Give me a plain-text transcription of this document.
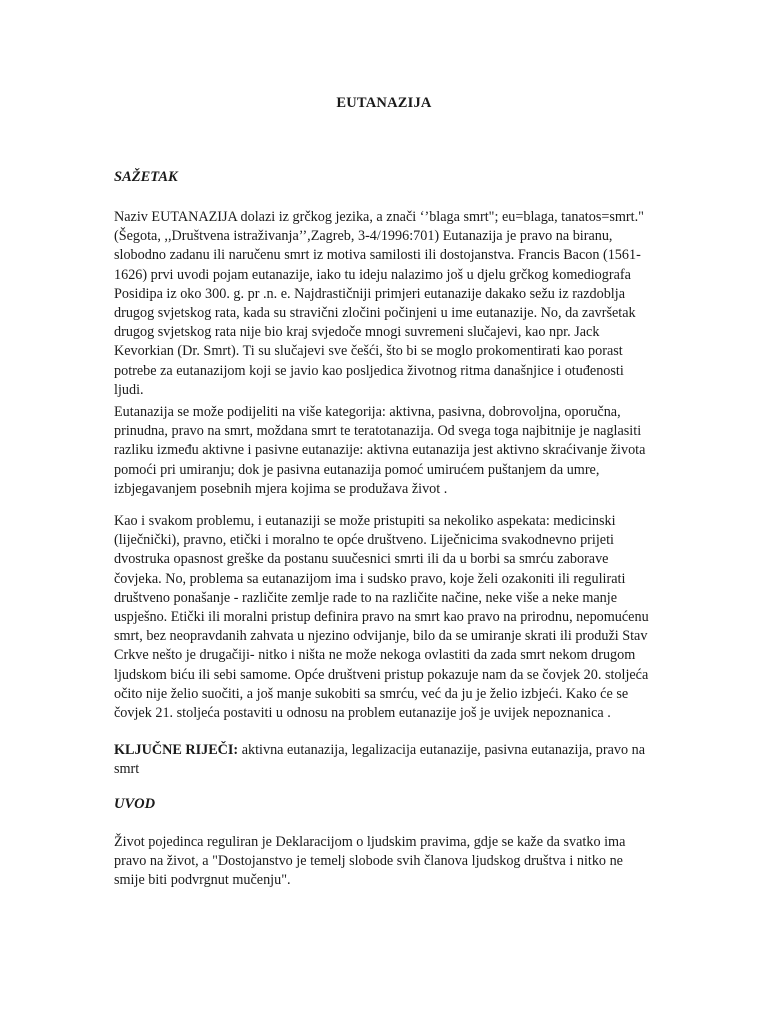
EUTANAZIJA
SAŽETAK

Naziv EUTANAZIJA dolazi iz grčkog jezika, a znači ‘’blaga smrt"; eu=blaga, tanatos=smrt." (Šegota, ,,Društvena istraživanja’’,Zagreb, 3-4/1996:701) Eutanazija je pravo na biranu, slobodno zadanu ili naručenu smrt iz motiva samilosti ili dostojanstva. Francis Bacon (1561-1626) prvi uvodi pojam eutanazije, iako tu ideju nalazimo još u djelu grčkog komediografa Posidipa iz oko 300. g. pr .n. e. Najdrastičniji primjeri eutanazije dakako sežu iz razdoblja drugog svjetskog rata, kada su stravični zločini počinjeni u ime eutanazije. No, da završetak drugog svjetskog rata nije bio kraj svjedoče mnogi suvremeni slučajevi, kao npr. Jack Kevorkian (Dr. Smrt). Ti su slučajevi sve češći, što bi se moglo prokomentirati kao porast potrebe za eutanazijom koji se javio kao posljedica životnog ritma današnjice i otuđenosti ljudi.

Eutanazija se može podijeliti na više kategorija: aktivna, pasivna, dobrovoljna, oporučna, prinudna, pravo na smrt, moždana smrt te teratotanazija. Od svega toga najbitnije je naglasiti razliku između aktivne i pasivne eutanazije: aktivna eutanazija jest aktivno skraćivanje života pomoći pri umiranju; dok je pasivna eutanazija pomoć umirućem puštanjem da umre, izbjegavanjem posebnih mjera kojima se produžava život .

Kao i svakom problemu, i eutanaziji se može pristupiti sa nekoliko aspekata: medicinski (liječnički), pravno, etički i moralno te opće društveno. Liječnicima svakodnevno prijeti dvostruka opasnost greške da postanu suučesnici smrti ili da u borbi sa smrću zaborave čovjeka. No, problema sa eutanazijom ima i sudsko pravo, koje želi ozakoniti ili regulirati društveno ponašanje - različite zemlje rade to na različite načine, neke više a neke manje uspješno. Etički ili moralni pristup definira pravo na smrt kao pravo na prirodnu, nepomućenu smrt, bez neopravdanih zahvata u njezino odvijanje, bilo da se umiranje skrati ili produži Stav Crkve nešto je drugačiji- nitko i ništa ne može nekoga ovlastiti da zada smrt nekom drugom ljudskom biću ili sebi samome. Opće društveni pristup pokazuje nam da se čovjek 20. stoljeća očito nije želio suočiti, a još manje sukobiti sa smrću, već da ju je želio izbjeći. Kako će se čovjek 21. stoljeća postaviti u odnosu na problem eutanazije još je uvijek nepoznanica .

KLJUČNE RIJEČI: aktivna eutanazija, legalizacija eutanazije, pasivna eutanazija, pravo na smrt

UVOD

Život pojedinca reguliran je Deklaracijom o ljudskim pravima, gdje se kaže da svatko ima pravo na život, a "Dostojanstvo je temelj slobode svih članova ljudskog društva i nitko ne smije biti podvrgnut mučenju".
